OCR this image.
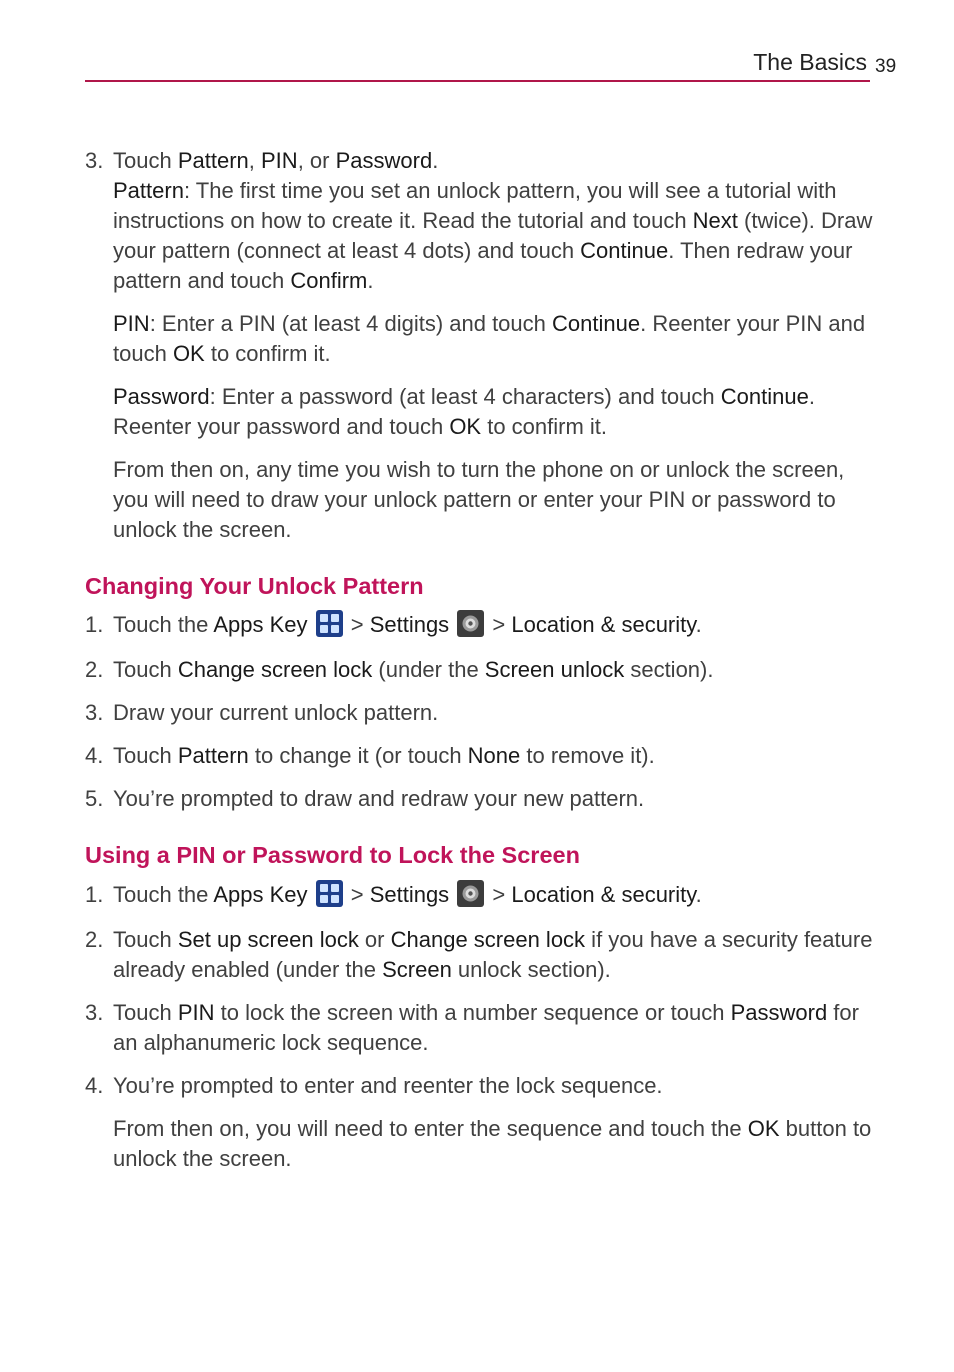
The Basics 39
3. Touch Pattern, PIN, or Password.
Pattern: The first time you set an unlock pattern, you will see a tutorial with instructions on how to create it. Read the tutorial and touch Next (twice). Draw your pattern (connect at least 4 dots) and touch Continue. Then redraw your pattern and touch Confirm.
PIN: Enter a PIN (at least 4 digits) and touch Continue. Reenter your PIN and touch OK to confirm it.
Password: Enter a password (at least 4 characters) and touch Continue. Reenter your password and touch OK to confirm it.
From then on, any time you wish to turn the phone on or unlock the screen, you will need to draw your unlock pattern or enter your PIN or password to unlock the screen.
Changing Your Unlock Pattern
1. Touch the Apps Key  > Settings  > Location & security.
2. Touch Change screen lock (under the Screen unlock section).
3. Draw your current unlock pattern.
4. Touch Pattern to change it (or touch None to remove it).
5. You’re prompted to draw and redraw your new pattern.
Using a PIN or Password to Lock the Screen
1. Touch the Apps Key  > Settings  > Location & security.
2. Touch Set up screen lock or Change screen lock if you have a security feature already enabled (under the Screen unlock section).
3. Touch PIN to lock the screen with a number sequence or touch Password for an alphanumeric lock sequence.
4. You’re prompted to enter and reenter the lock sequence.
From then on, you will need to enter the sequence and touch the OK button to unlock the screen.
